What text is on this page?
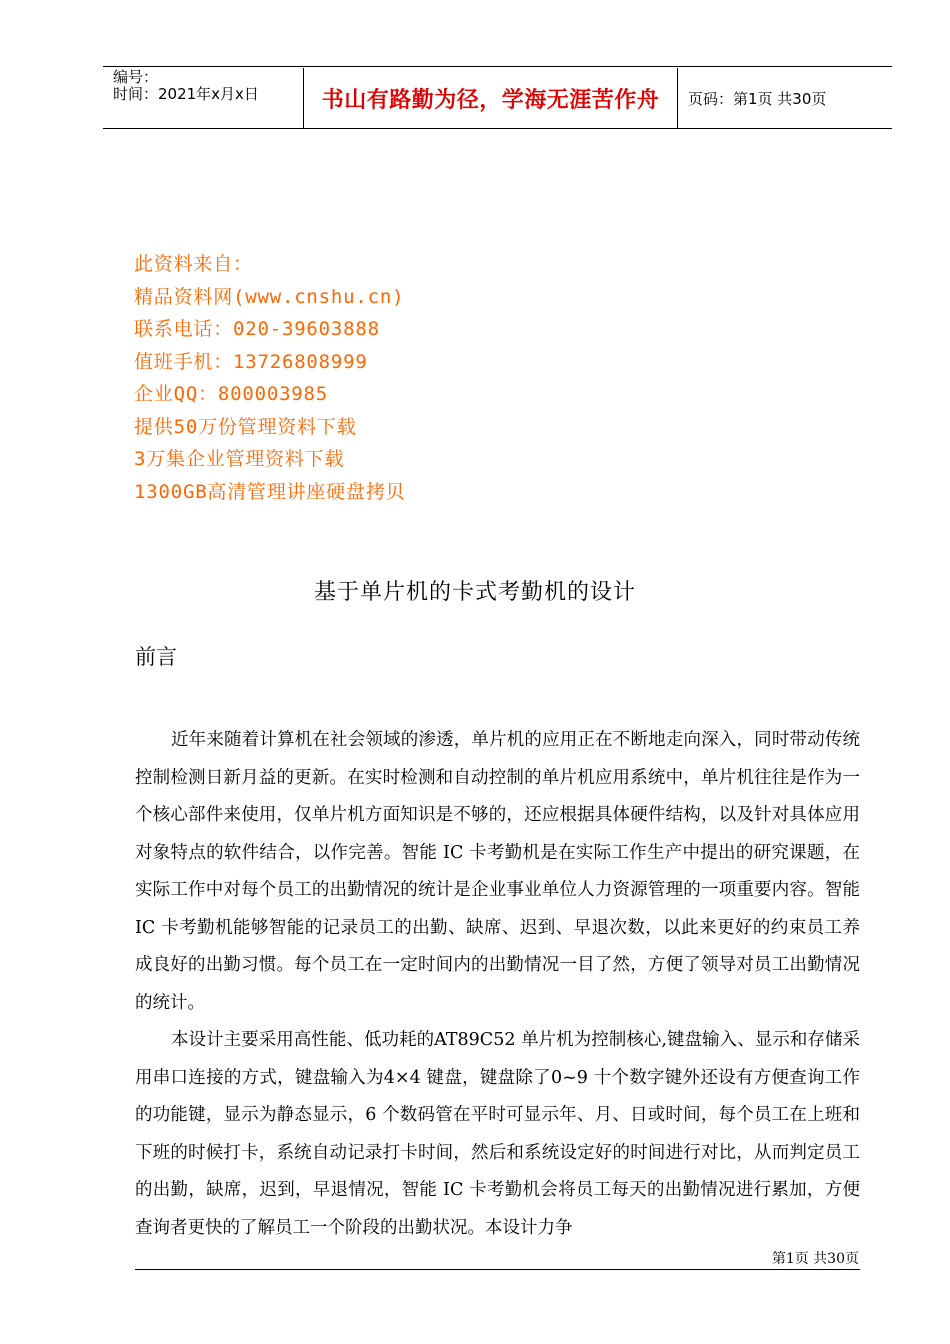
编号：
时间：2021年x月x日	书山有路勤为径，学海无涯苦作舟	页码：第1页 共30页
此资料来自：
精品资料网(www.cnshu.cn)
联系电话：020-39603888
值班手机：13726808999
企业QQ：800003985
提供50万份管理资料下载
3万集企业管理资料下载
1300GB高清管理讲座硬盘拷贝
基于单片机的卡式考勤机的设计
前言

近年来随着计算机在社会领域的渗透，单片机的应用正在不断地走向深入，同时带动传统控制检测日新月益的更新。在实时检测和自动控制的单片机应用系统中，单片机往往是作为一个核心部件来使用，仅单片机方面知识是不够的，还应根据具体硬件结构，以及针对具体应用对象特点的软件结合，以作完善。智能 IC 卡考勤机是在实际工作生产中提出的研究课题，在实际工作中对每个员工的出勤情况的统计是企业事业单位人力资源管理的一项重要内容。智能 IC 卡考勤机能够智能的记录员工的出勤、缺席、迟到、早退次数，以此来更好的约束员工养成良好的出勤习惯。每个员工在一定时间内的出勤情况一目了然，方便了领导对员工出勤情况的统计。

本设计主要采用高性能、低功耗的AT89C52 单片机为控制核心,键盘输入、显示和存储采用串口连接的方式，键盘输入为4×4 键盘，键盘除了0~9 十个数字键外还设有方便查询工作的功能键，显示为静态显示，6 个数码管在平时可显示年、月、日或时间，每个员工在上班和下班的时候打卡，系统自动记录打卡时间，然后和系统设定好的时间进行对比，从而判定员工的出勤，缺席，迟到，早退情况，智能 IC 卡考勤机会将员工每天的出勤情况进行累加，方便查询者更快的了解员工一个阶段的出勤状况。本设计力争

第1页 共30页
